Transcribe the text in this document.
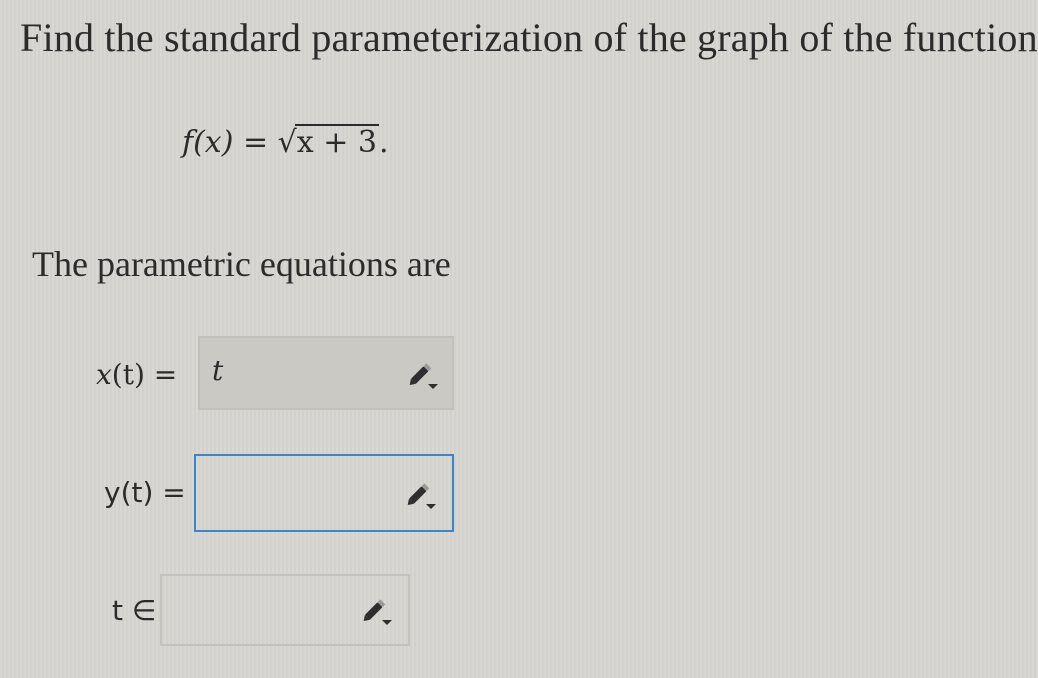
Find the standard parameterization of the graph of the function
f(x) = √x + 3.
The parametric equations are
x(t) = t
y(t) =
t ∈
